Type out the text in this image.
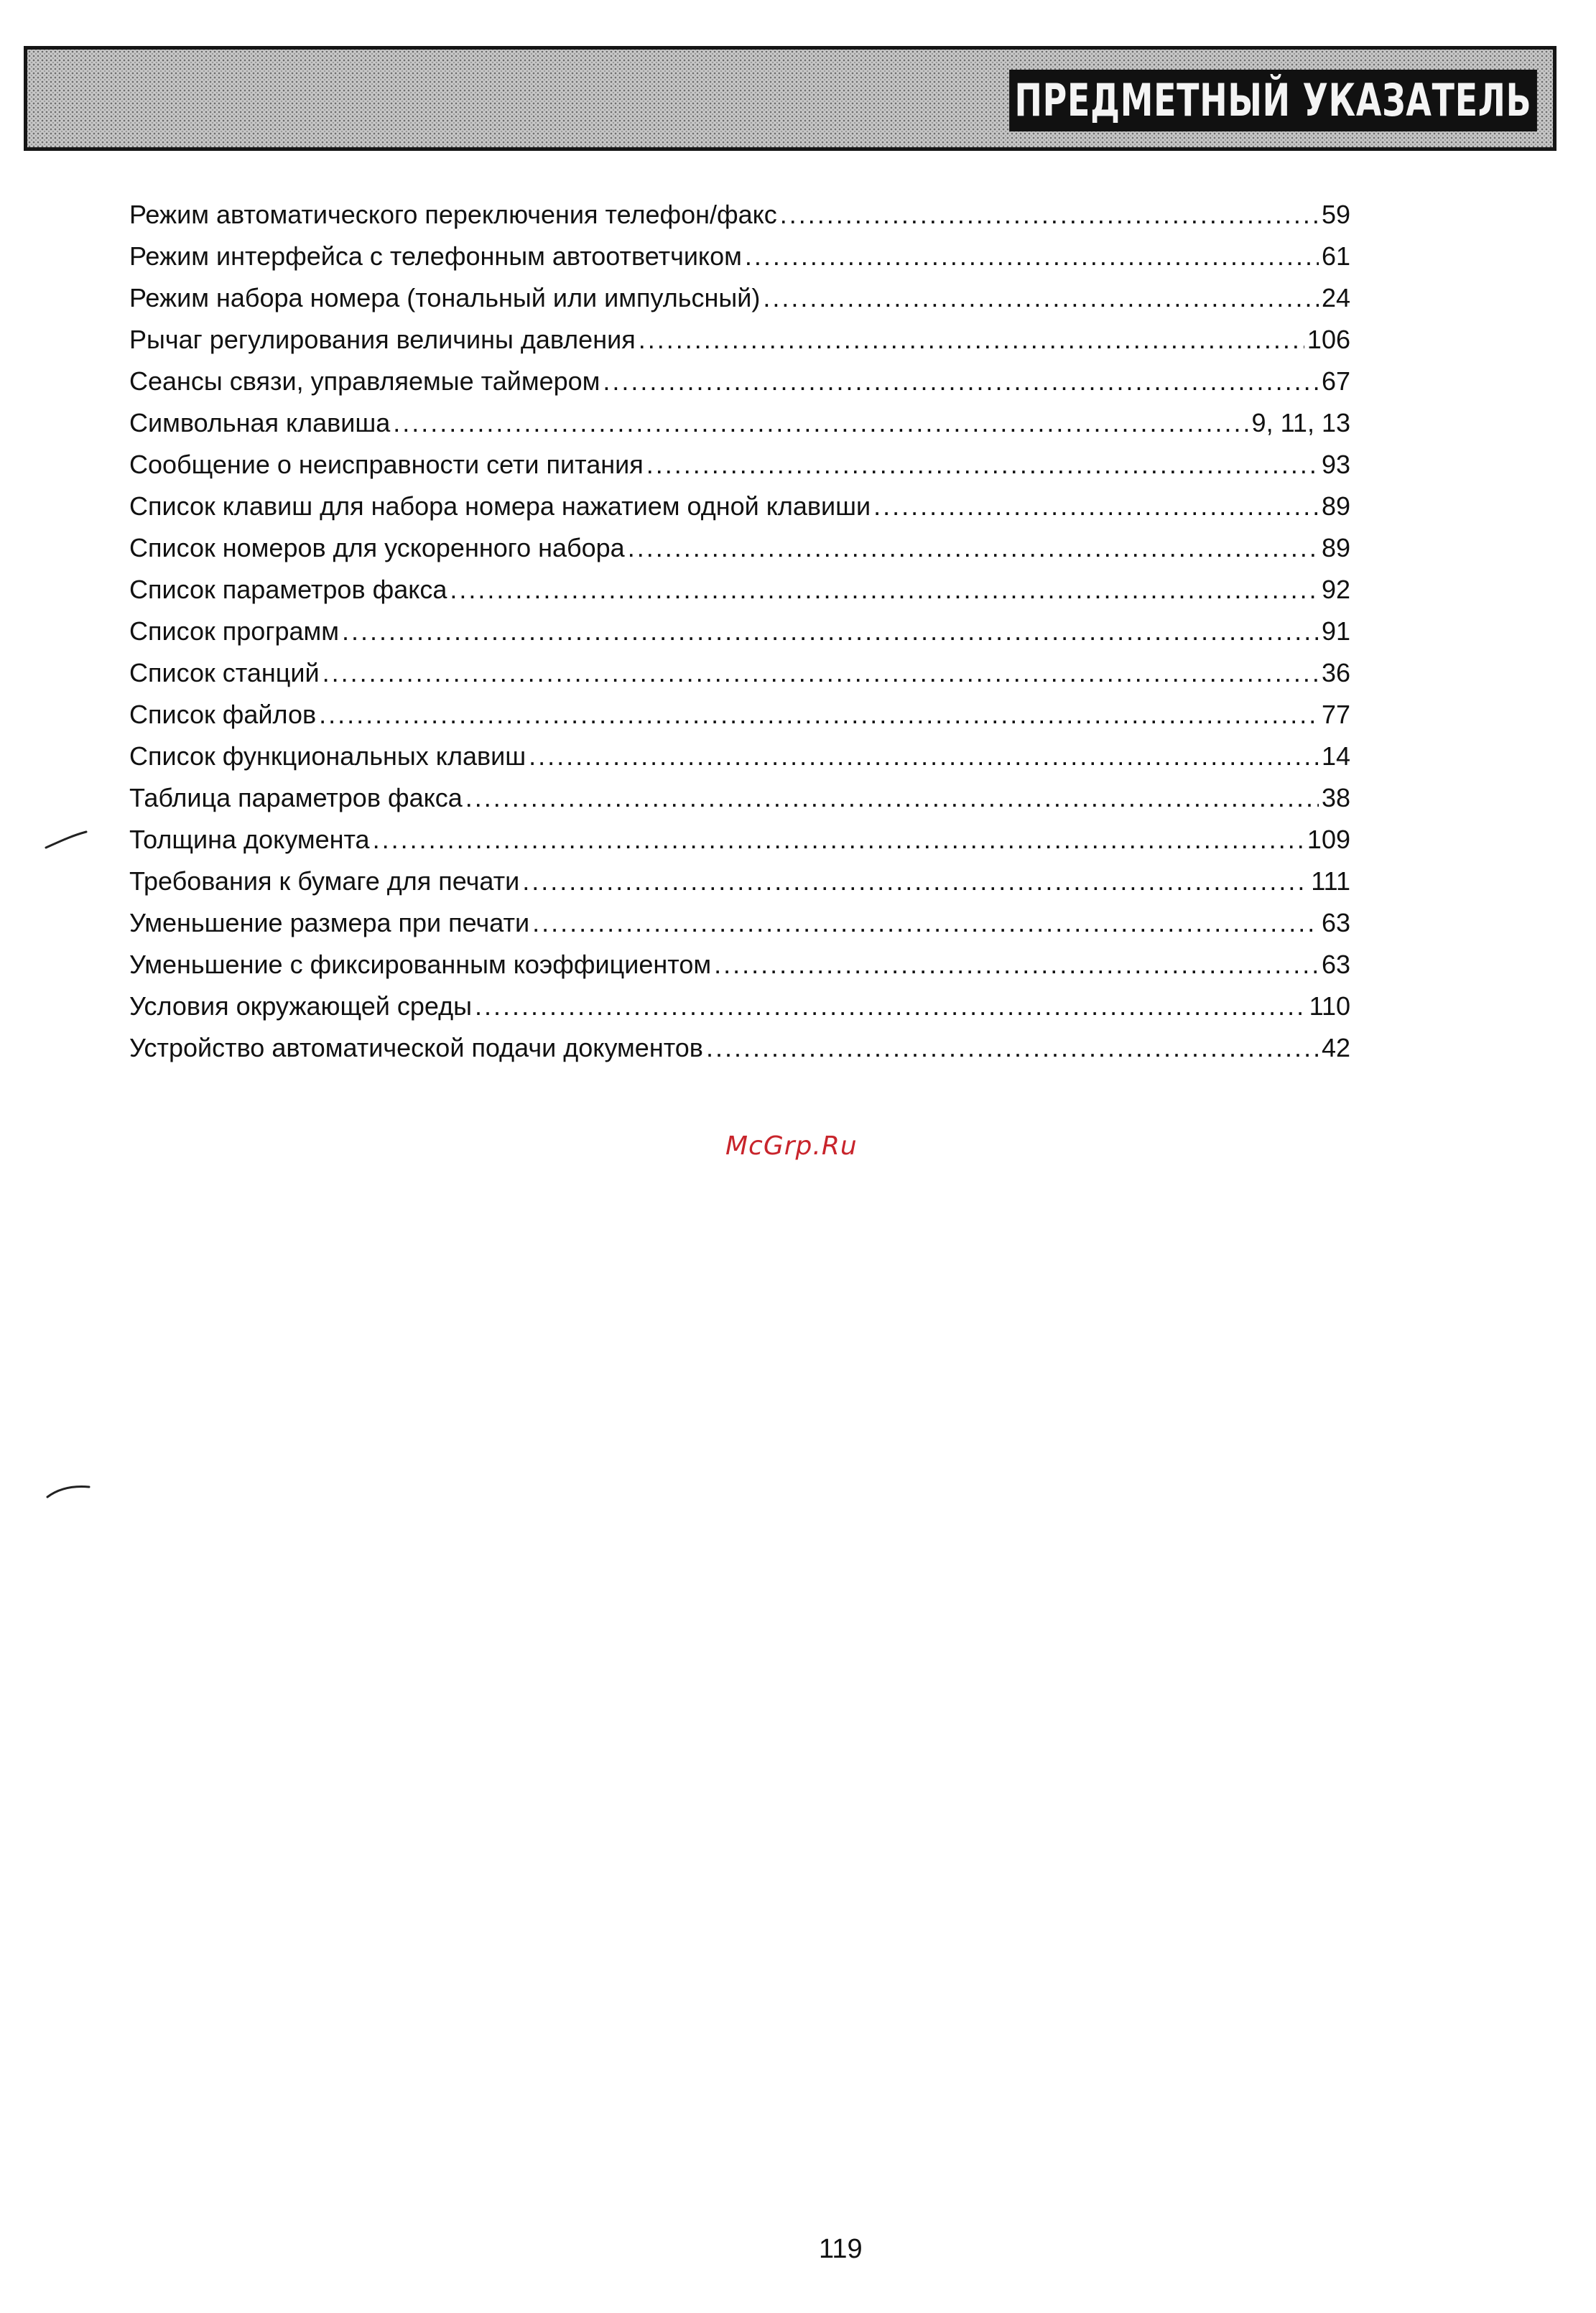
ПРЕДМЕТНЫЙ УКАЗАТЕЛЬ
Режим автоматического переключения телефон/факс .....	59
Режим интерфейса с телефонным автоответчиком .....	61
Режим набора номера (тональный или импульсный) .....	24
Рычаг регулирования величины давления .....	106
Сеансы связи, управляемые таймером .....	67
Символьная клавиша .....	9, 11, 13
Сообщение о неисправности сети питания .....	93
Список клавиш для набора номера нажатием одной клавиши .....	89
Список номеров для ускоренного набора .....	89
Список параметров факса .....	92
Список программ .....	91
Список станций .....	36
Список файлов .....	77
Список функциональных клавиш .....	14
Таблица параметров факса .....	38
Толщина документа .....	109
Требования к бумаге для печати .....	111
Уменьшение размера при печати .....	63
Уменьшение с фиксированным коэффициентом .....	63
Условия окружающей среды .....	110
Устройство автоматической подачи документов .....	42
McGrp.Ru
119
